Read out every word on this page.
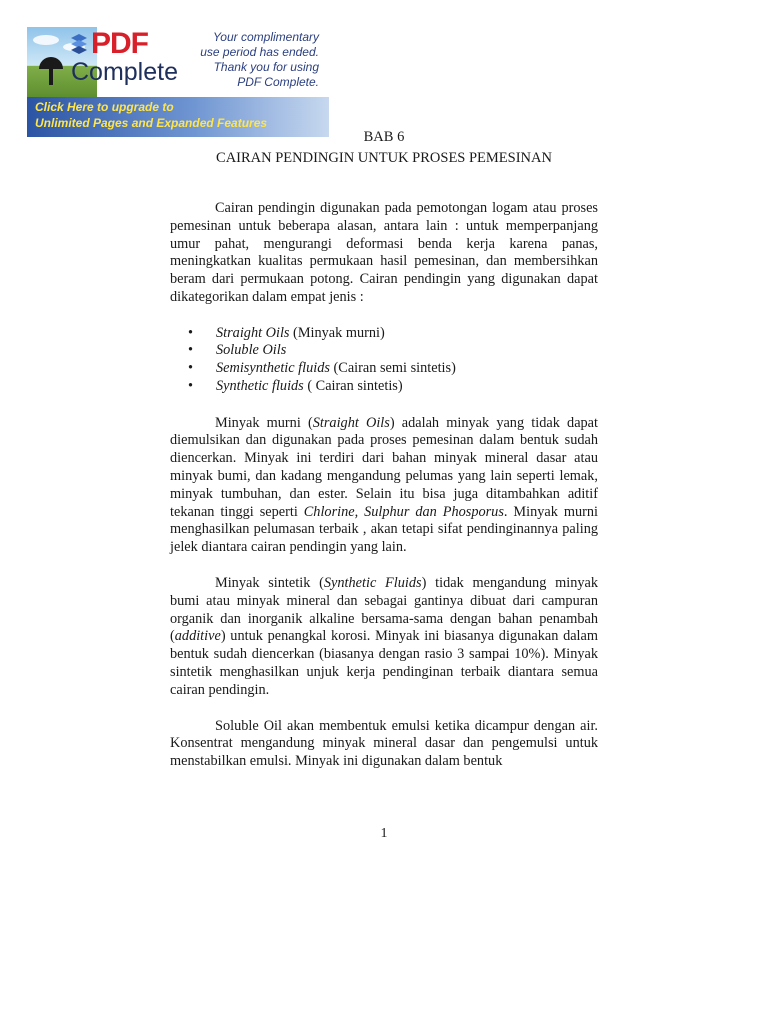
PDF
Complete
Your complimentary
use period has ended.
Thank you for using
PDF Complete.
Click Here to upgrade to
Unlimited Pages and Expanded Features
BAB 6
CAIRAN PENDINGIN UNTUK PROSES PEMESINAN

Cairan pendingin digunakan pada pemotongan logam atau proses pemesinan untuk beberapa alasan, antara lain : untuk memperpanjang umur pahat, mengurangi deformasi benda kerja karena panas, meningkatkan kualitas permukaan hasil pemesinan, dan membersihkan beram dari permukaan potong. Cairan pendingin yang digunakan dapat dikategorikan dalam empat jenis :

• Straight Oils (Minyak murni)
• Soluble Oils
• Semisynthetic fluids (Cairan semi sintetis)
• Synthetic fluids ( Cairan sintetis)

Minyak murni (Straight Oils) adalah minyak yang tidak dapat diemulsikan dan digunakan pada proses pemesinan dalam bentuk sudah diencerkan. Minyak ini terdiri dari bahan minyak mineral dasar atau minyak bumi, dan kadang mengandung pelumas yang lain seperti lemak, minyak tumbuhan, dan ester. Selain itu bisa juga ditambahkan aditif tekanan tinggi seperti Chlorine, Sulphur dan Phosporus. Minyak murni menghasilkan pelumasan terbaik , akan tetapi sifat pendinginannya paling jelek diantara cairan pendingin yang lain.

Minyak sintetik (Synthetic Fluids) tidak mengandung minyak bumi atau minyak mineral dan sebagai gantinya dibuat dari campuran organik dan inorganik alkaline bersama-sama dengan bahan penambah (additive) untuk penangkal korosi. Minyak ini biasanya digunakan dalam bentuk sudah diencerkan (biasanya dengan rasio 3 sampai 10%). Minyak sintetik menghasilkan unjuk kerja pendinginan terbaik diantara semua cairan pendingin.

Soluble Oil akan membentuk emulsi ketika dicampur dengan air. Konsentrat mengandung minyak mineral dasar dan pengemulsi untuk menstabilkan emulsi. Minyak ini digunakan dalam bentuk

1
